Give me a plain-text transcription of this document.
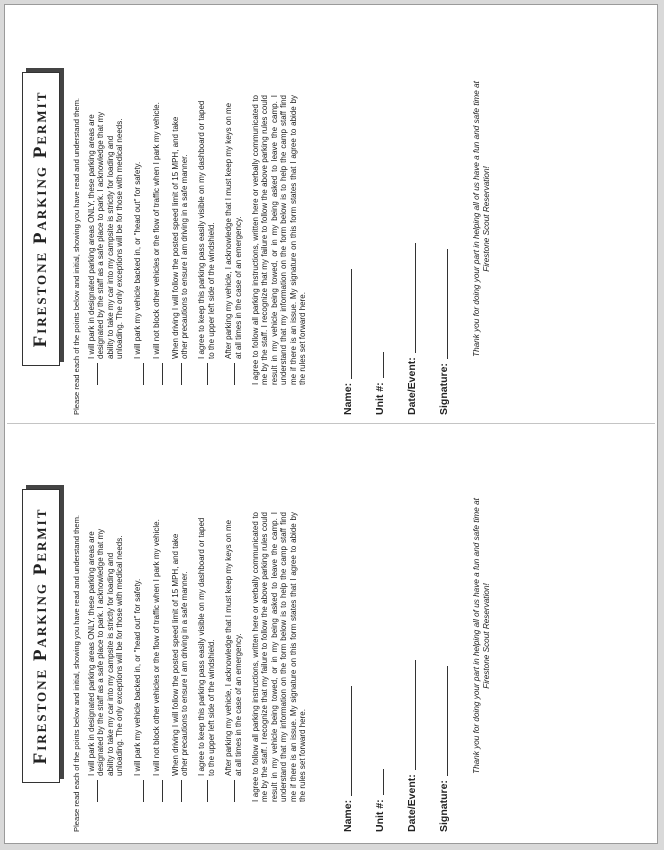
Firestone Parking Permit	Please read each of the points below and initial, showing you have read and understand them. I will park in designated parking areas ONLY, these parking areas are designated by the staff as a safe place to park. I acknowledge that my ability to take my car into my campsite is strictly for loading and unloading. The only exceptions will be for those with medical needs. I will park my vehicle backed in, or "head out" for safety. I will not block other vehicles or the flow of traffic when I park my vehicle. When driving I will follow the posted speed limit of 15 MPH, and take other precautions to ensure I am driving in a safe manner. I agree to keep this parking pass easily visible on my dashboard or taped to the upper left side of the windshield. After parking my vehicle, I acknowledge that I must keep my keys on me at all times in the case of an emergency. I agree to follow all parking instructions, written here or verbally communicated to me by the staff. I recognize that my failure to follow the above parking rules could result in my vehicle being towed, or in my being asked to leave the camp. I understand that my information on the form below is to help the camp staff find me if there is an issue. My signature on this form states that I agree to abide by the rules set forward here.
Name: Unit #: Date/Event: Signature:
Thank you for doing your part in helping all of us have a fun and safe time at Firestone Scout Reservation!
Firestone Parking Permit	Please read each of the points below and initial, showing you have read and understand them. I will park in designated parking areas ONLY, these parking areas are designated by the staff as a safe place to park. I acknowledge that my ability to take my car into my campsite is strictly for loading and unloading. The only exceptions will be for those with medical needs. I will park my vehicle backed in, or "head out" for safety. I will not block other vehicles or the flow of traffic when I park my vehicle. When driving I will follow the posted speed limit of 15 MPH, and take other precautions to ensure I am driving in a safe manner. I agree to keep this parking pass easily visible on my dashboard or taped to the upper left side of the windshield. After parking my vehicle, I acknowledge that I must keep my keys on me at all times in the case of an emergency. I agree to follow all parking instructions, written here or verbally communicated to me by the staff. I recognize that my failure to follow the above parking rules could result in my vehicle being towed, or in my being asked to leave the camp. I understand that my information on the form below is to help the camp staff find me if there is an issue. My signature on this form states that I agree to abide by the rules set forward here.
Name: Unit #: Date/Event: Signature:
Thank you for doing your part in helping all of us have a fun and safe time at Firestone Scout Reservation!
